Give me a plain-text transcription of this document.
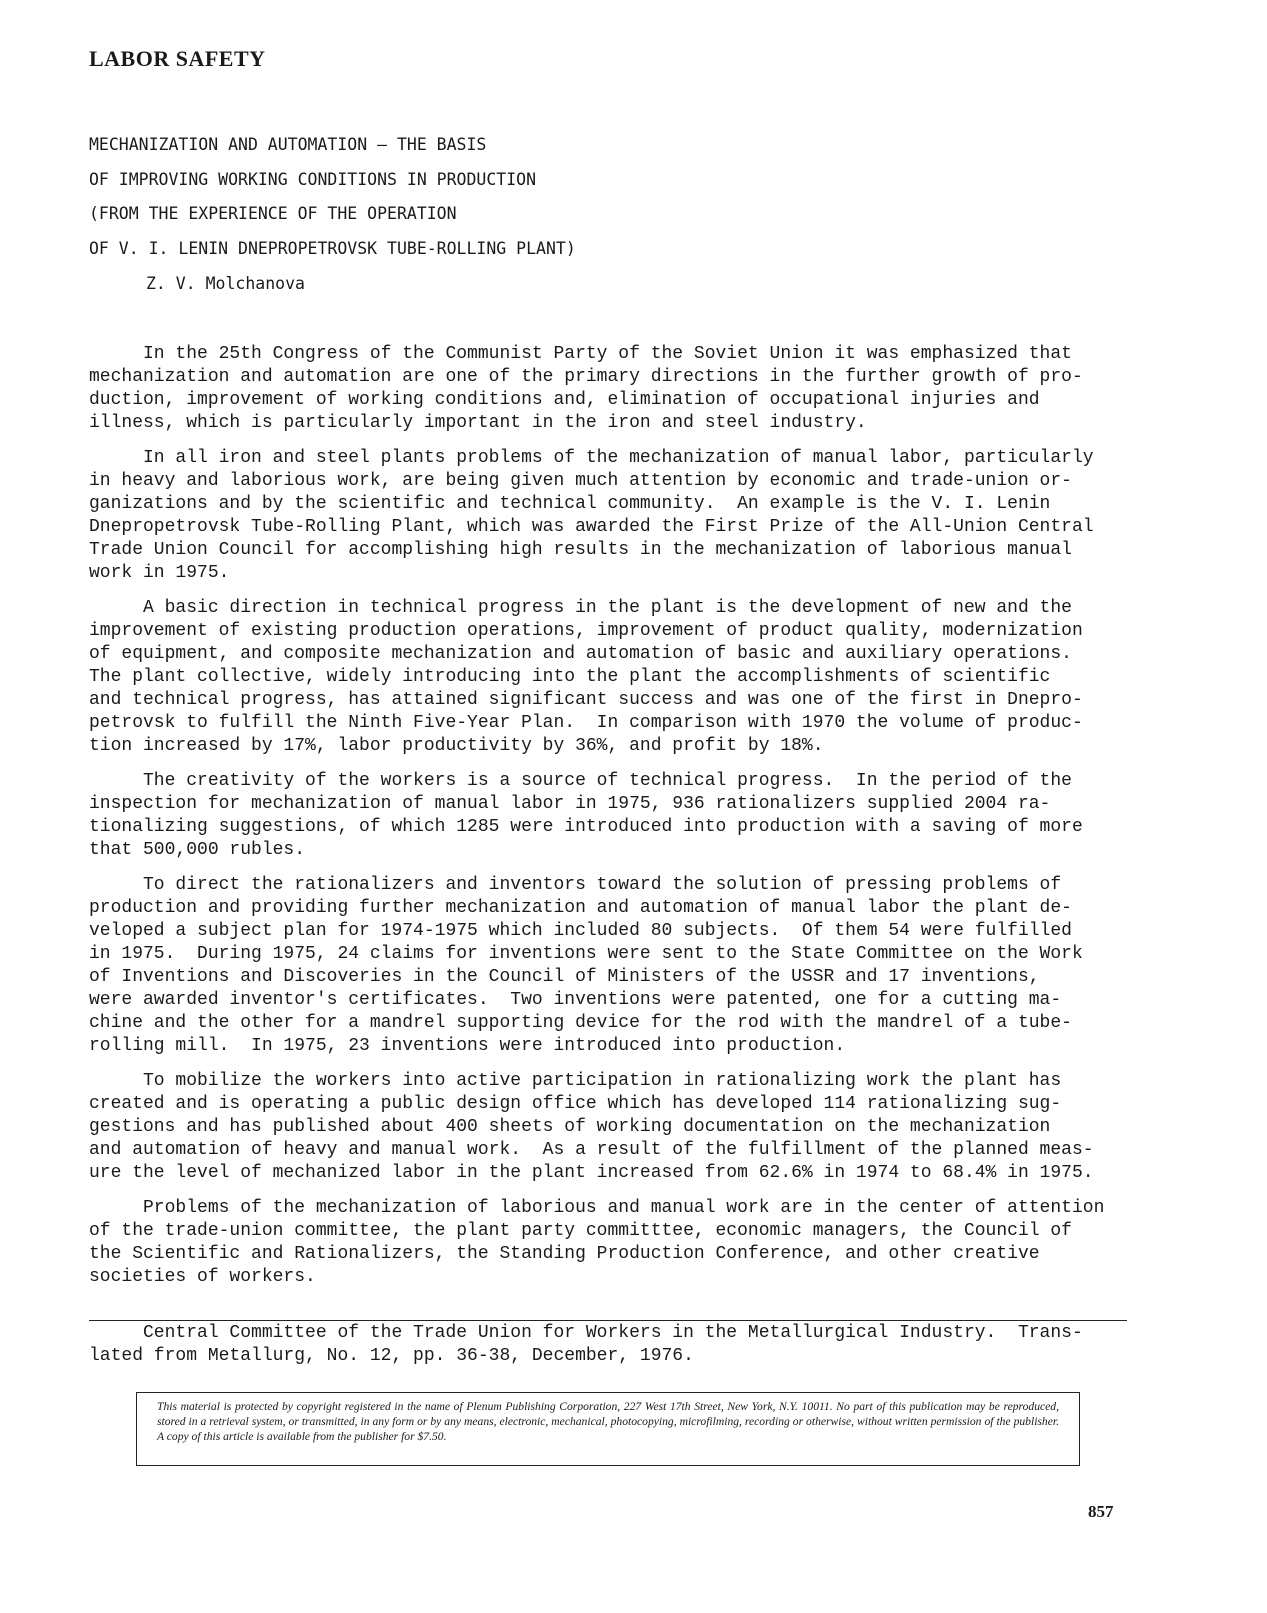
LABOR SAFETY
MECHANIZATION AND AUTOMATION — THE BASIS
OF IMPROVING WORKING CONDITIONS IN PRODUCTION
(FROM THE EXPERIENCE OF THE OPERATION
OF V. I. LENIN DNEPROPETROVSK TUBE-ROLLING PLANT)
Z. V. Molchanova
In the 25th Congress of the Communist Party of the Soviet Union it was emphasized that
mechanization and automation are one of the primary directions in the further growth of pro-
duction, improvement of working conditions and, elimination of occupational injuries and
illness, which is particularly important in the iron and steel industry.
In all iron and steel plants problems of the mechanization of manual labor, particularly
in heavy and laborious work, are being given much attention by economic and trade-union or-
ganizations and by the scientific and technical community.  An example is the V. I. Lenin
Dnepropetrovsk Tube-Rolling Plant, which was awarded the First Prize of the All-Union Central
Trade Union Council for accomplishing high results in the mechanization of laborious manual
work in 1975.
A basic direction in technical progress in the plant is the development of new and the
improvement of existing production operations, improvement of product quality, modernization
of equipment, and composite mechanization and automation of basic and auxiliary operations.
The plant collective, widely introducing into the plant the accomplishments of scientific
and technical progress, has attained significant success and was one of the first in Dnepro-
petrovsk to fulfill the Ninth Five-Year Plan.  In comparison with 1970 the volume of produc-
tion increased by 17%, labor productivity by 36%, and profit by 18%.
The creativity of the workers is a source of technical progress.  In the period of the
inspection for mechanization of manual labor in 1975, 936 rationalizers supplied 2004 ra-
tionalizing suggestions, of which 1285 were introduced into production with a saving of more
that 500,000 rubles.
To direct the rationalizers and inventors toward the solution of pressing problems of
production and providing further mechanization and automation of manual labor the plant de-
veloped a subject plan for 1974-1975 which included 80 subjects.  Of them 54 were fulfilled
in 1975.  During 1975, 24 claims for inventions were sent to the State Committee on the Work
of Inventions and Discoveries in the Council of Ministers of the USSR and 17 inventions,
were awarded inventor's certificates.  Two inventions were patented, one for a cutting ma-
chine and the other for a mandrel supporting device for the rod with the mandrel of a tube-
rolling mill.  In 1975, 23 inventions were introduced into production.
To mobilize the workers into active participation in rationalizing work the plant has
created and is operating a public design office which has developed 114 rationalizing sug-
gestions and has published about 400 sheets of working documentation on the mechanization
and automation of heavy and manual work.  As a result of the fulfillment of the planned meas-
ure the level of mechanized labor in the plant increased from 62.6% in 1974 to 68.4% in 1975.
Problems of the mechanization of laborious and manual work are in the center of attention
of the trade-union committee, the plant party committtee, economic managers, the Council of
the Scientific and Rationalizers, the Standing Production Conference, and other creative
societies of workers.
Central Committee of the Trade Union for Workers in the Metallurgical Industry.  Trans-
lated from Metallurg, No. 12, pp. 36-38, December, 1976.
This material is protected by copyright registered in the name of Plenum Publishing Corporation, 227 West 17th Street, New York, N.Y. 10011. No part of this publication may be reproduced, stored in a retrieval system, or transmitted, in any form or by any means, electronic, mechanical, photocopying, microfilming, recording or otherwise, without written permission of the publisher. A copy of this article is available from the publisher for $7.50.
857
